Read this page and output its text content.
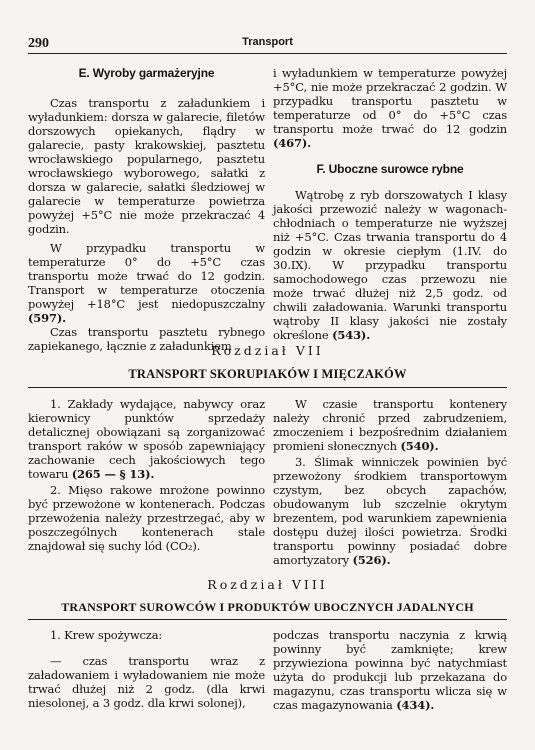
290	Transport

E. Wyroby garmażeryjne

Czas transportu z załadunkiem i wyładunkiem: dorsza w galarecie, filetów dorszowych opiekanych, flądry w galarecie, pasty krakowskiej, pasztetu wrocławskiego popularnego, pasztetu wrocławskiego wyborowego, sałatki z dorsza w galarecie, sałatki śledziowej w galarecie w temperaturze powietrza powyżej +5°C nie może przekraczać 4 godzin.

W przypadku transportu w temperaturze 0° do +5°C czas transportu może trwać do 12 godzin. Transport w temperaturze otoczenia powyżej +18°C jest niedopuszczalny (597).

Czas transportu pasztetu rybnego zapiekanego, łącznie z załadunkiem

i wyładunkiem w temperaturze powyżej +5°C, nie może przekraczać 2 godzin. W przypadku transportu pasztetu w temperaturze od 0° do +5°C czas transportu może trwać do 12 godzin (467).

F. Uboczne surowce rybne

Wątrobę z ryb dorszowatych I klasy jakości przewozić należy w wagonach-chłodniach o temperaturze nie wyższej niż +5°C. Czas trwania transportu do 4 godzin w okresie ciepłym (1.IV. do 30.IX). W przypadku transportu samochodowego czas przewozu nie może trwać dłużej niż 2,5 godz. od chwili załadowania. Warunki transportu wątroby II klasy jakości nie zostały określone (543).

Rozdział VII
TRANSPORT SKORUPIAKÓW I MIĘCZAKÓW

1. Zakłady wydające, nabywcy oraz kierownicy punktów sprzedaży detalicznej obowiązani są zorganizować transport raków w sposób zapewniający zachowanie cech jakościowych tego towaru (265 — § 13).

2. Mięso rakowe mrożone powinno być przewożone w kontenerach. Podczas przewożenia należy przestrzegać, aby w poszczególnych kontenerach stale znajdował się suchy lód (CO₂).

W czasie transportu kontenery należy chronić przed zabrudzeniem, zmoczeniem i bezpośrednim działaniem promieni słonecznych (540).

3. Ślimak winniczek powinien być przewożony środkiem transportowym czystym, bez obcych zapachów, obudowanym lub szczelnie okrytym brezentem, pod warunkiem zapewnienia dostępu dużej ilości powietrza. Środki transportu powinny posiadać dobre amortyzatory (526).

Rozdział VIII
TRANSPORT SUROWCÓW I PRODUKTÓW UBOCZNYCH JADALNYCH

1. Krew spożywcza:

— czas transportu wraz z załadowaniem i wyładowaniem nie może trwać dłużej niż 2 godz. (dla krwi niesolonej, a 3 godz. dla krwi solonej),

podczas transportu naczynia z krwią powinny być zamknięte; krew przywieziona powinna być natychmiast użyta do produkcji lub przekazana do magazynu, czas transportu wlicza się w czas magazynowania (434).
